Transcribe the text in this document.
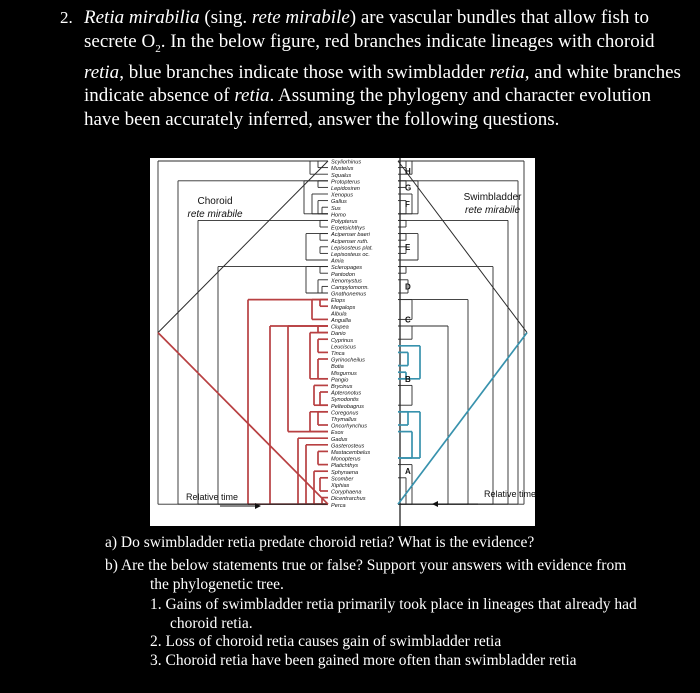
2. Retia mirabilia (sing. rete mirabile) are vascular bundles that allow fish to secrete $O_2$. In the below figure, red branches indicate lineages with choroid retia, blue branches indicate those with swimbladder retia, and white branches indicate absence of retia. Assuming the phylogeny and character evolution have been accurately inferred, answer the following questions.
Scyliorhinus
Mustelus
Squalus
Protopterus
Lepidosiren
Xenopus
Gallus
Sus
Homo
Polypterus
Erpetoichthys
Acipenser baeri
Acipenser ruth.
Lepisosteus plat.
Lepisosteus oc.
Amia
Scleropages
Pantodon
Xenomystus
Campylomorm.
Gnathonemus
Elops
Megalops
Albula
Anguilla
Clupea
Danio
Cyprinus
Leuciscus
Tinca
Gyrinocheilus
Botia
Misgurnus
Pangio
Brycinus
Apteronotus
Synodontis
Pelteobagrus
Coregonus
Thymallus
Oncorhynchus
Esox
Gadus
Gasterosteus
Mastacembelus
Monopterus
Platichthys
Sphyraena
Scomber
Xiphias
Coryphaena
Dicentrarchus
Perca
H
G
F
E
D
C
B
A
Choroid
rete mirabile
Swimbladder
rete mirabile
Relative time	Relative time
a) Do swimbladder retia predate choroid retia? What is the evidence?
b) Are the below statements true or false? Support your answers with evidence from
the phylogenetic tree.
1. Gains of swimbladder retia primarily took place in lineages that already had
choroid retia.
2. Loss of choroid retia causes gain of swimbladder retia
3. Choroid retia have been gained more often than swimbladder retia
